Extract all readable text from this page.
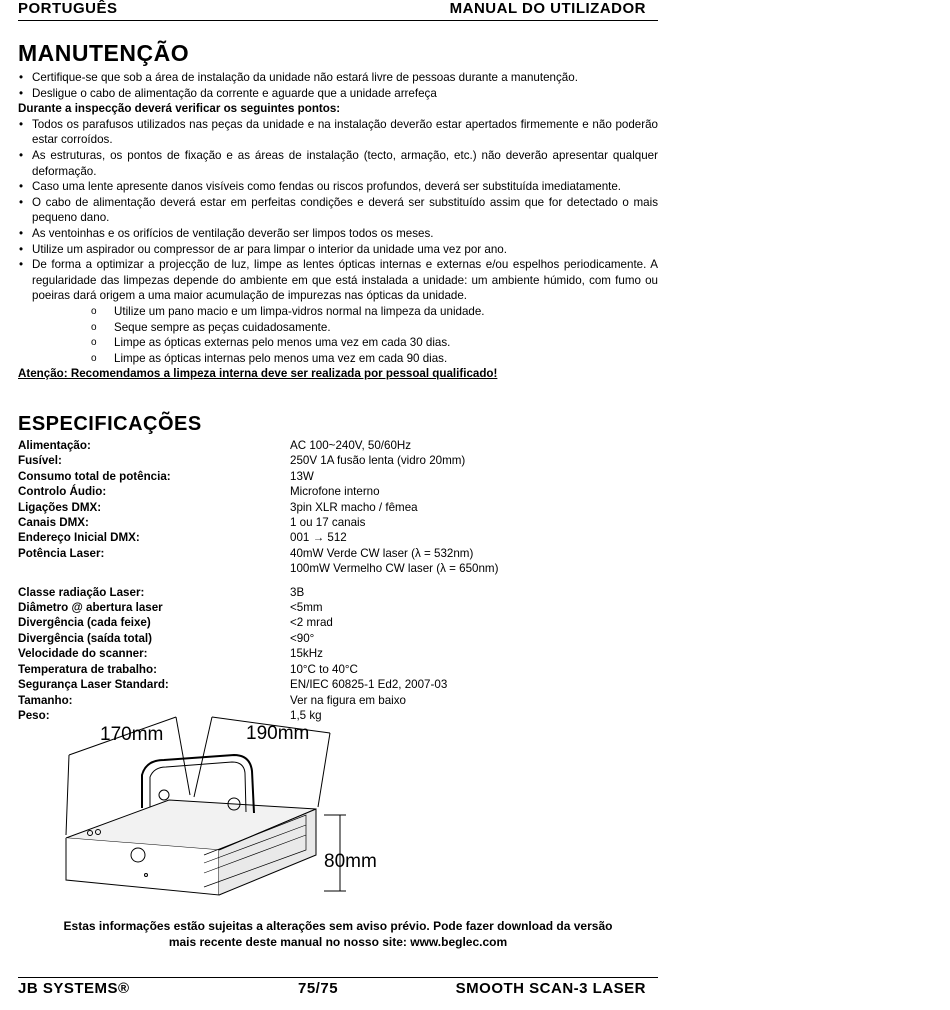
PORTUGUÊS	MANUAL DO UTILIZADOR
MANUTENÇÃO
• Certifique-se que sob a área de instalação da unidade não estará livre de pessoas durante a manutenção.
• Desligue o cabo de alimentação da corrente e aguarde que a unidade arrefeça
Durante a inspecção deverá verificar os seguintes pontos:
• Todos os parafusos utilizados nas peças da unidade e na instalação deverão estar apertados firmemente e não poderão estar corroídos.
• As estruturas, os pontos de fixação e as áreas de instalação (tecto, armação, etc.) não deverão apresentar qualquer deformação.
• Caso uma lente apresente danos visíveis como fendas ou riscos profundos, deverá ser substituída imediatamente.
• O cabo de alimentação deverá estar em perfeitas condições e deverá ser substituído assim que for detectado o mais pequeno dano.
• As ventoinhas e os orifícios de ventilação deverão ser limpos todos os meses.
• Utilize um aspirador ou compressor de ar para limpar o interior da unidade uma vez por ano.
• De forma a optimizar a projecção de luz, limpe as lentes ópticas internas e externas e/ou espelhos periodicamente. A regularidade das limpezas depende do ambiente em que está instalada a unidade: um ambiente húmido, com fumo ou poeiras dará origem a uma maior acumulação de impurezas nas ópticas da unidade.
o Utilize um pano macio e um limpa-vidros normal na limpeza da unidade.
o Seque sempre as peças cuidadosamente.
o Limpe as ópticas externas pelo menos uma vez em cada 30 dias.
o Limpe as ópticas internas pelo menos uma vez em cada 90 dias.
Atenção: Recomendamos a limpeza interna deve ser realizada por pessoal qualificado!
ESPECIFICAÇÕES
Alimentação:	AC 100~240V, 50/60Hz
Fusível:	250V 1A fusão lenta (vidro 20mm)
Consumo total de potência:	13W
Controlo Áudio:	Microfone interno
Ligações DMX:	3pin XLR macho / fêmea
Canais DMX:	1 ou 17 canais
Endereço Inicial DMX:	001 → 512
Potência Laser:	40mW Verde CW laser (λ = 532nm)
100mW Vermelho CW laser (λ = 650nm)
Classe radiação Laser:	3B
Diâmetro @ abertura laser	<5mm
Divergência (cada feixe)	<2 mrad
Divergência (saída total)	<90°
Velocidade do scanner:	15kHz
Temperatura de trabalho:	10°C to 40°C
Segurança Laser Standard:	EN/IEC 60825-1 Ed2, 2007-03
Tamanho:	Ver na figura em baixo
Peso:	1,5 kg
170mm	190mm
80mm
Estas informações estão sujeitas a alterações sem aviso prévio. Pode fazer download da versão
mais recente deste manual no nosso site: www.beglec.com
JB SYSTEMS®	75/75	SMOOTH SCAN-3 LASER
